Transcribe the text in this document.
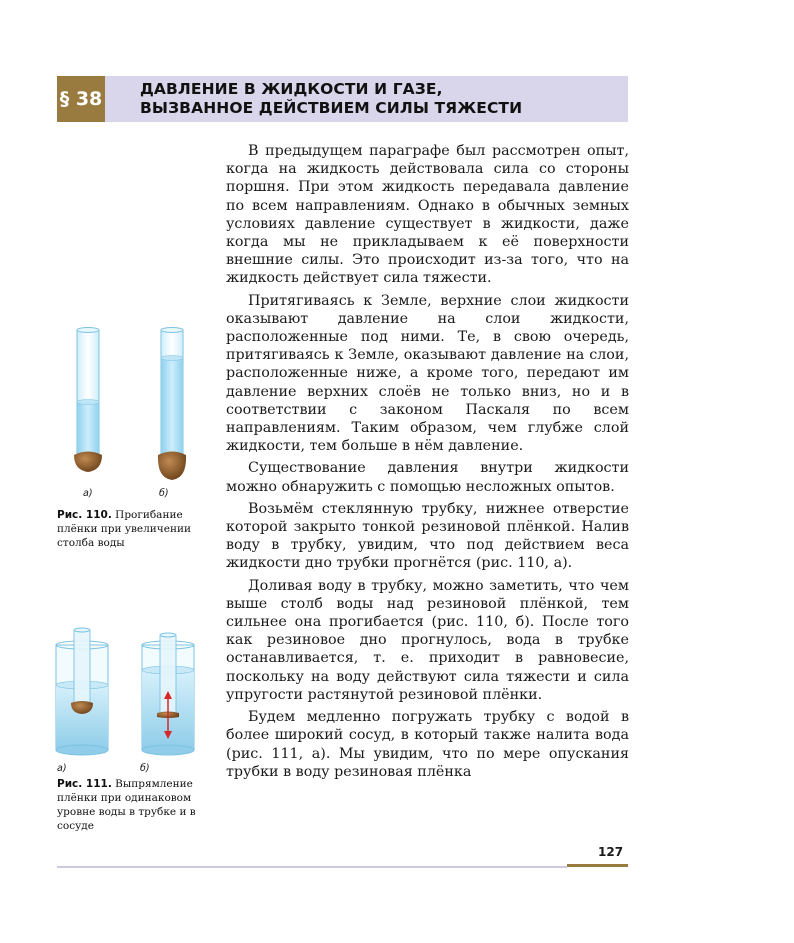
§ 38 ДАВЛЕНИЕ В ЖИДКОСТИ И ГАЗЕ,
ВЫЗВАННОЕ ДЕЙСТВИЕМ СИЛЫ ТЯЖЕСТИ

В предыдущем параграфе был рассмотрен опыт, когда на жидкость действовала сила со стороны поршня. При этом жидкость передавала давление по всем направлениям. Однако в обычных земных условиях давление существует в жидкости, даже когда мы не прикладываем к её поверхности внешние силы. Это происходит из-за того, что на жидкость действует сила тяжести.

Притягиваясь к Земле, верхние слои жидкости оказывают давление на слои жидкости, расположенные под ними. Те, в свою очередь, притягиваясь к Земле, оказывают давление на слои, расположенные ниже, а кроме того, передают им давление верхних слоёв не только вниз, но и в соответствии с законом Паскаля по всем направлениям. Таким образом, чем глубже слой жидкости, тем больше в нём давление.

Существование давления внутри жидкости можно обнаружить с помощью несложных опытов.

Возьмём стеклянную трубку, нижнее отверстие которой закрыто тонкой резиновой плёнкой. Налив воду в трубку, увидим, что под действием веса жидкости дно трубки прогнётся (рис. 110, а).

Доливая воду в трубку, можно заметить, что чем выше столб воды над резиновой плёнкой, тем сильнее она прогибается (рис. 110, б). После того как резиновое дно прогнулось, вода в трубке останавливается, т. е. приходит в равновесие, поскольку на воду действуют сила тяжести и сила упругости растянутой резиновой плёнки.

Будем медленно погружать трубку с водой в более широкий сосуд, в который также налита вода (рис. 111, а). Мы увидим, что по мере опускания трубки в воду резиновая плёнка

а)	б)
Рис. 110. Прогибание плёнки при увеличении столба воды
а)	б)
Рис. 111. Выпрямление плёнки при одинаковом уровне воды в трубке и в сосуде
127
